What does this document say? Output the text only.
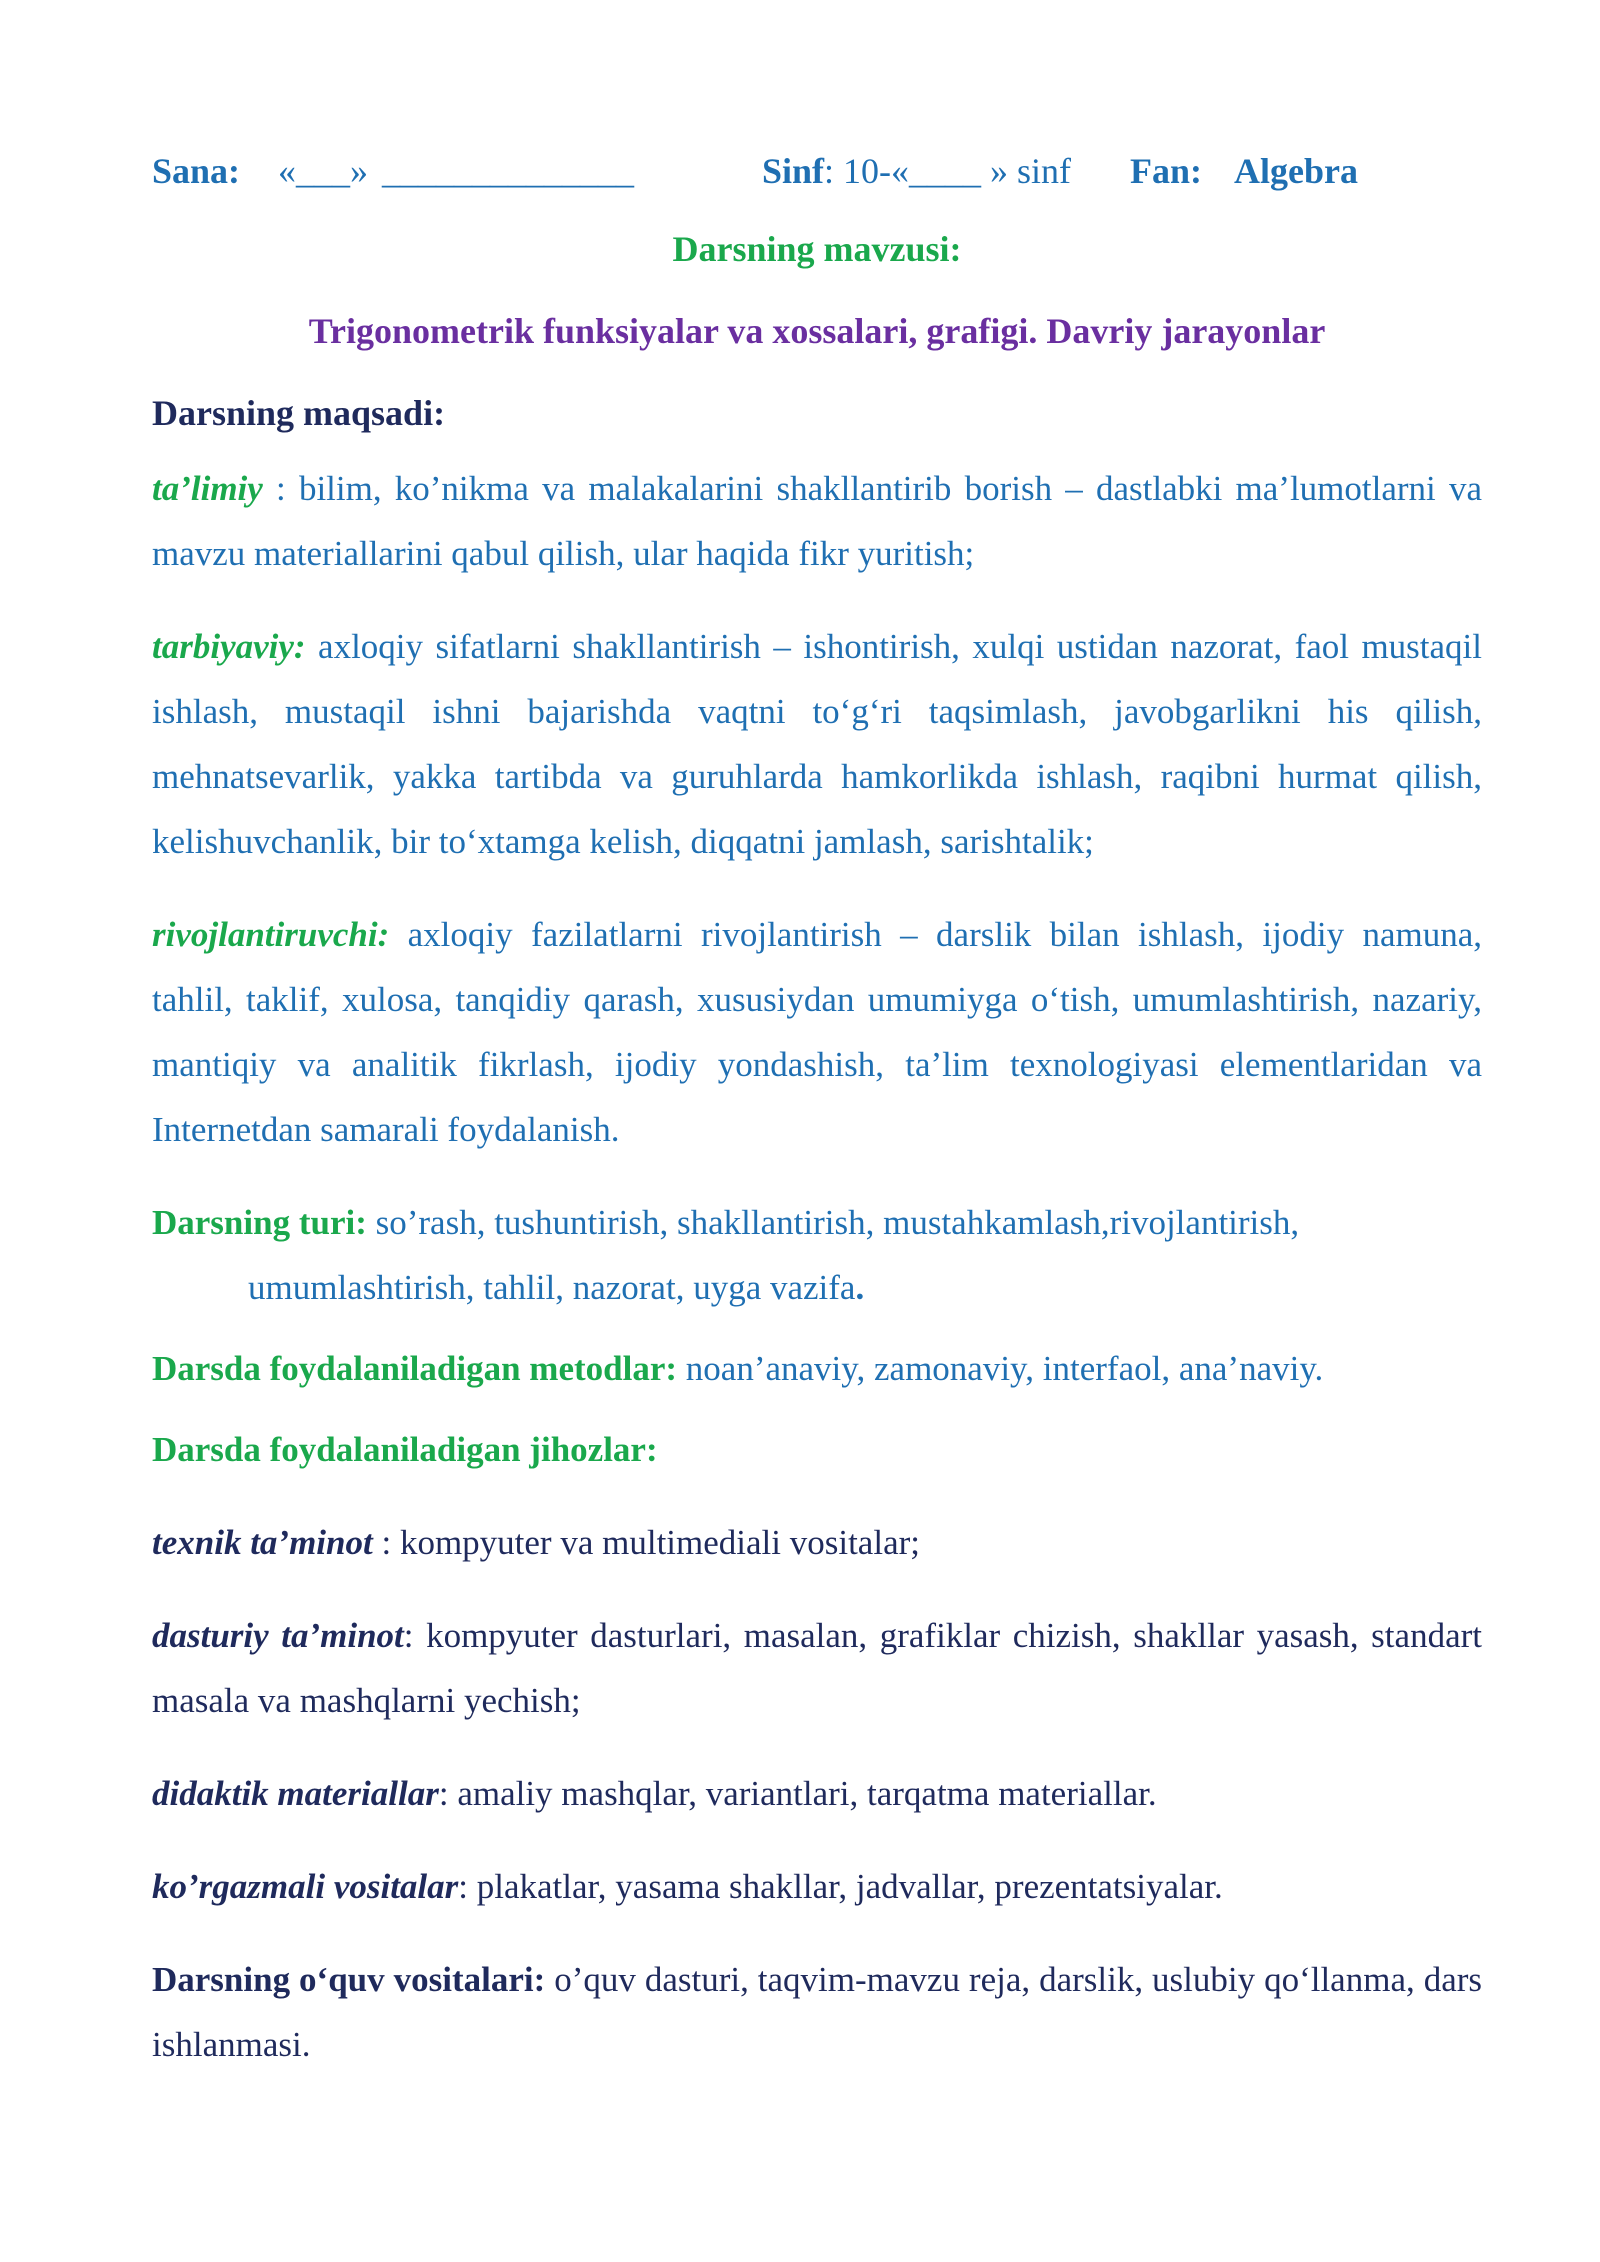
Sana:	«___» ______________	Sinf: 10-«____ » sinf	Fan: Algebra
Darsning mavzusi:
Trigonometrik funksiyalar va xossalari, grafigi. Davriy jarayonlar
Darsning maqsadi:
ta’limiy : bilim, ko’nikma va malakalarini shakllantirib borish – dastlabki ma’lumotlarni va mavzu materiallarini qabul qilish, ular haqida fikr yuritish;
tarbiyaviy: axloqiy sifatlarni shakllantirish – ishontirish, xulqi ustidan nazorat, faol mustaqil ishlash, mustaqil ishni bajarishda vaqtni to‘g‘ri taqsimlash, javobgarlikni his qilish, mehnatsevarlik, yakka tartibda va guruhlarda hamkorlikda ishlash, raqibni hurmat qilish, kelishuvchanlik, bir to‘xtamga kelish, diqqatni jamlash, sarishtalik;
rivojlantiruvchi: axloqiy fazilatlarni rivojlantirish – darslik bilan ishlash, ijodiy namuna, tahlil, taklif, xulosa, tanqidiy qarash, xususiydan umumiyga o‘tish, umumlashtirish, nazariy, mantiqiy va analitik fikrlash, ijodiy yondashish, ta’lim texnologiyasi elementlaridan va Internetdan samarali foydalanish.
Darsning turi: so’rash, tushuntirish, shakllantirish, mustahkamlash,rivojlantirish,
umumlashtirish, tahlil, nazorat, uyga vazifa.
Darsda foydalaniladigan metodlar: noan’anaviy, zamonaviy, interfaol, ana’naviy.
Darsda foydalaniladigan jihozlar:
texnik ta’minot : kompyuter va multimediali vositalar;
dasturiy ta’minot: kompyuter dasturlari, masalan, grafiklar chizish, shakllar yasash, standart masala va mashqlarni yechish;
didaktik materiallar: amaliy mashqlar, variantlari, tarqatma materiallar.
ko’rgazmali vositalar: plakatlar, yasama shakllar, jadvallar, prezentatsiyalar.
Darsning o‘quv vositalari: o’quv dasturi, taqvim-mavzu reja, darslik, uslubiy qo‘llanma, dars ishlanmasi.
